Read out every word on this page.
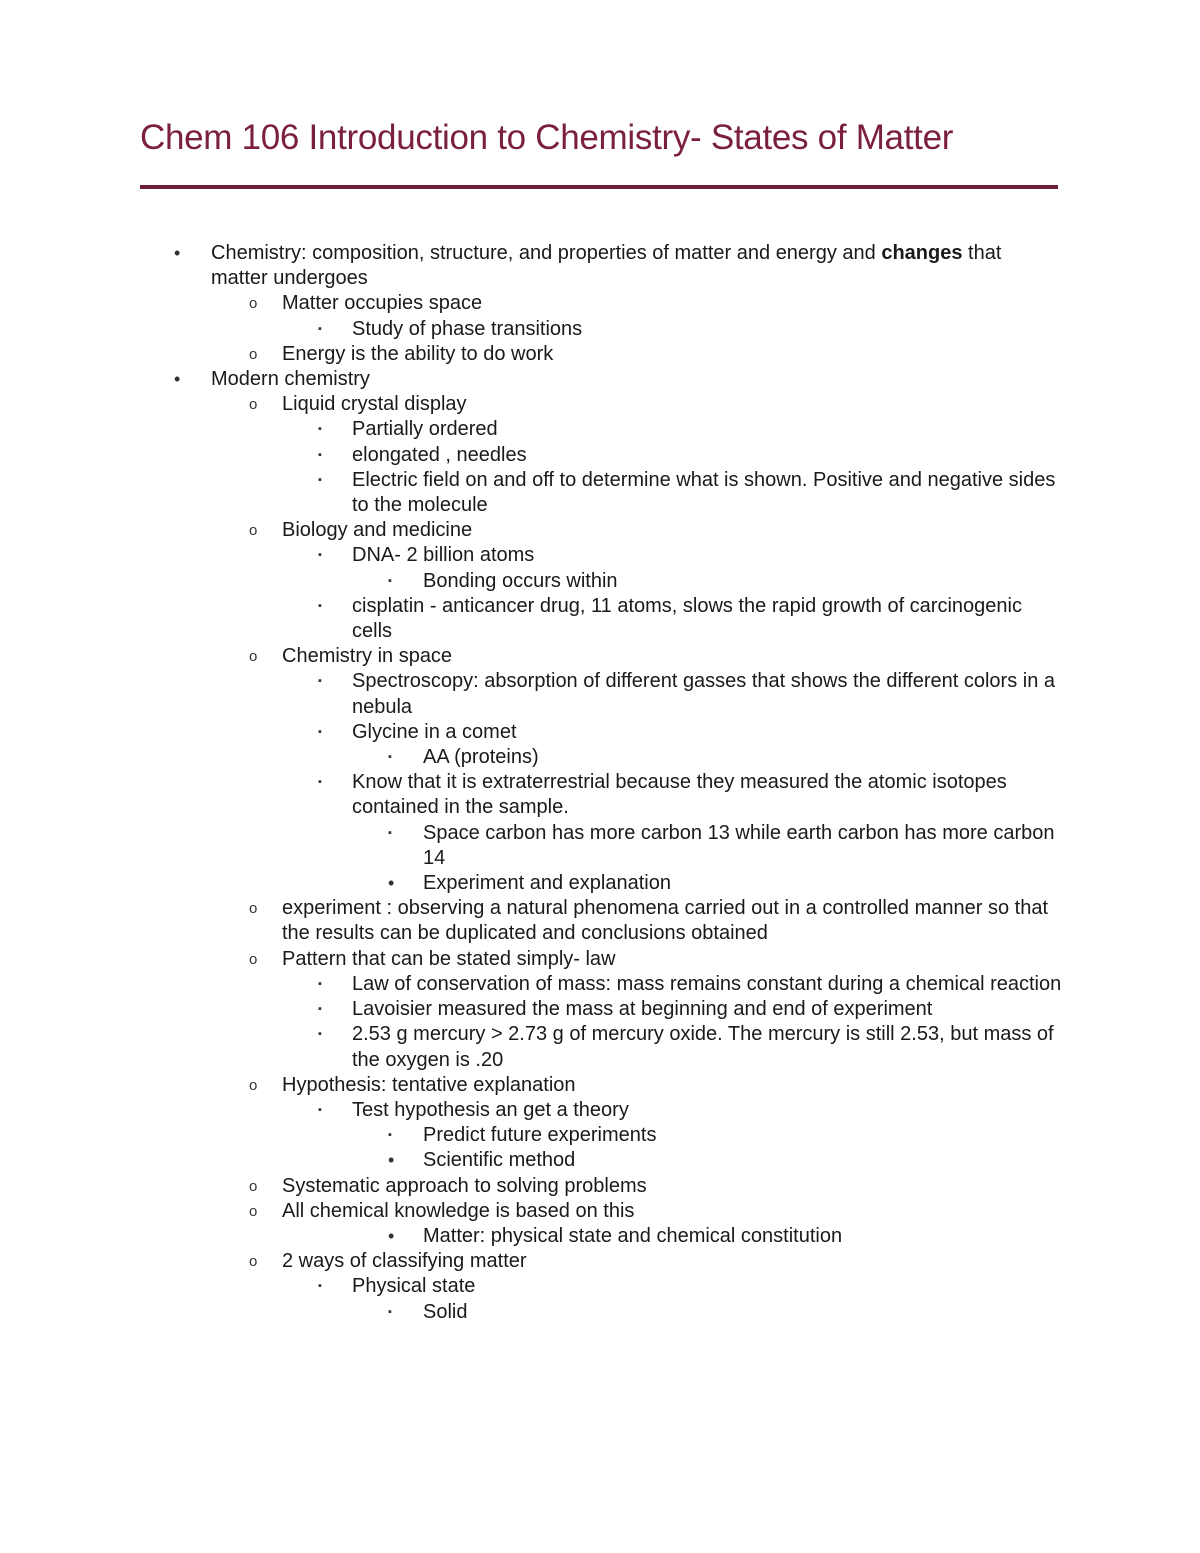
Chem 106 Introduction to Chemistry- States of Matter
• Chemistry: composition, structure, and properties of matter and energy and changes that matter undergoes
o Matter occupies space
▪ Study of phase transitions
o Energy is the ability to do work
• Modern chemistry
o Liquid crystal display
▪ Partially ordered
▪ elongated , needles
▪ Electric field on and off to determine what is shown. Positive and negative sides to the molecule
o Biology and medicine
▪ DNA- 2 billion atoms
▪ Bonding occurs within
▪ cisplatin - anticancer drug, 11 atoms, slows the rapid growth of carcinogenic cells
o Chemistry in space
▪ Spectroscopy: absorption of different gasses that shows the different colors in a nebula
▪ Glycine in a comet
▪ AA (proteins)
▪ Know that it is extraterrestrial because they measured the atomic isotopes contained in the sample.
▪ Space carbon has more carbon 13 while earth carbon has more carbon 14
• Experiment and explanation
o experiment : observing a natural phenomena carried out in a controlled manner so that the results can be duplicated and conclusions obtained
o Pattern that can be stated simply- law
▪ Law of conservation of mass: mass remains constant during a chemical reaction
▪ Lavoisier measured the mass at beginning and end of experiment
▪ 2.53 g mercury > 2.73 g of mercury oxide. The mercury is still 2.53, but mass of the oxygen is .20
o Hypothesis: tentative explanation
▪ Test hypothesis an get a theory
▪ Predict future experiments
• Scientific method
o Systematic approach to solving problems
o All chemical knowledge is based on this
• Matter: physical state and chemical constitution
o 2 ways of classifying matter
▪ Physical state
▪ Solid
